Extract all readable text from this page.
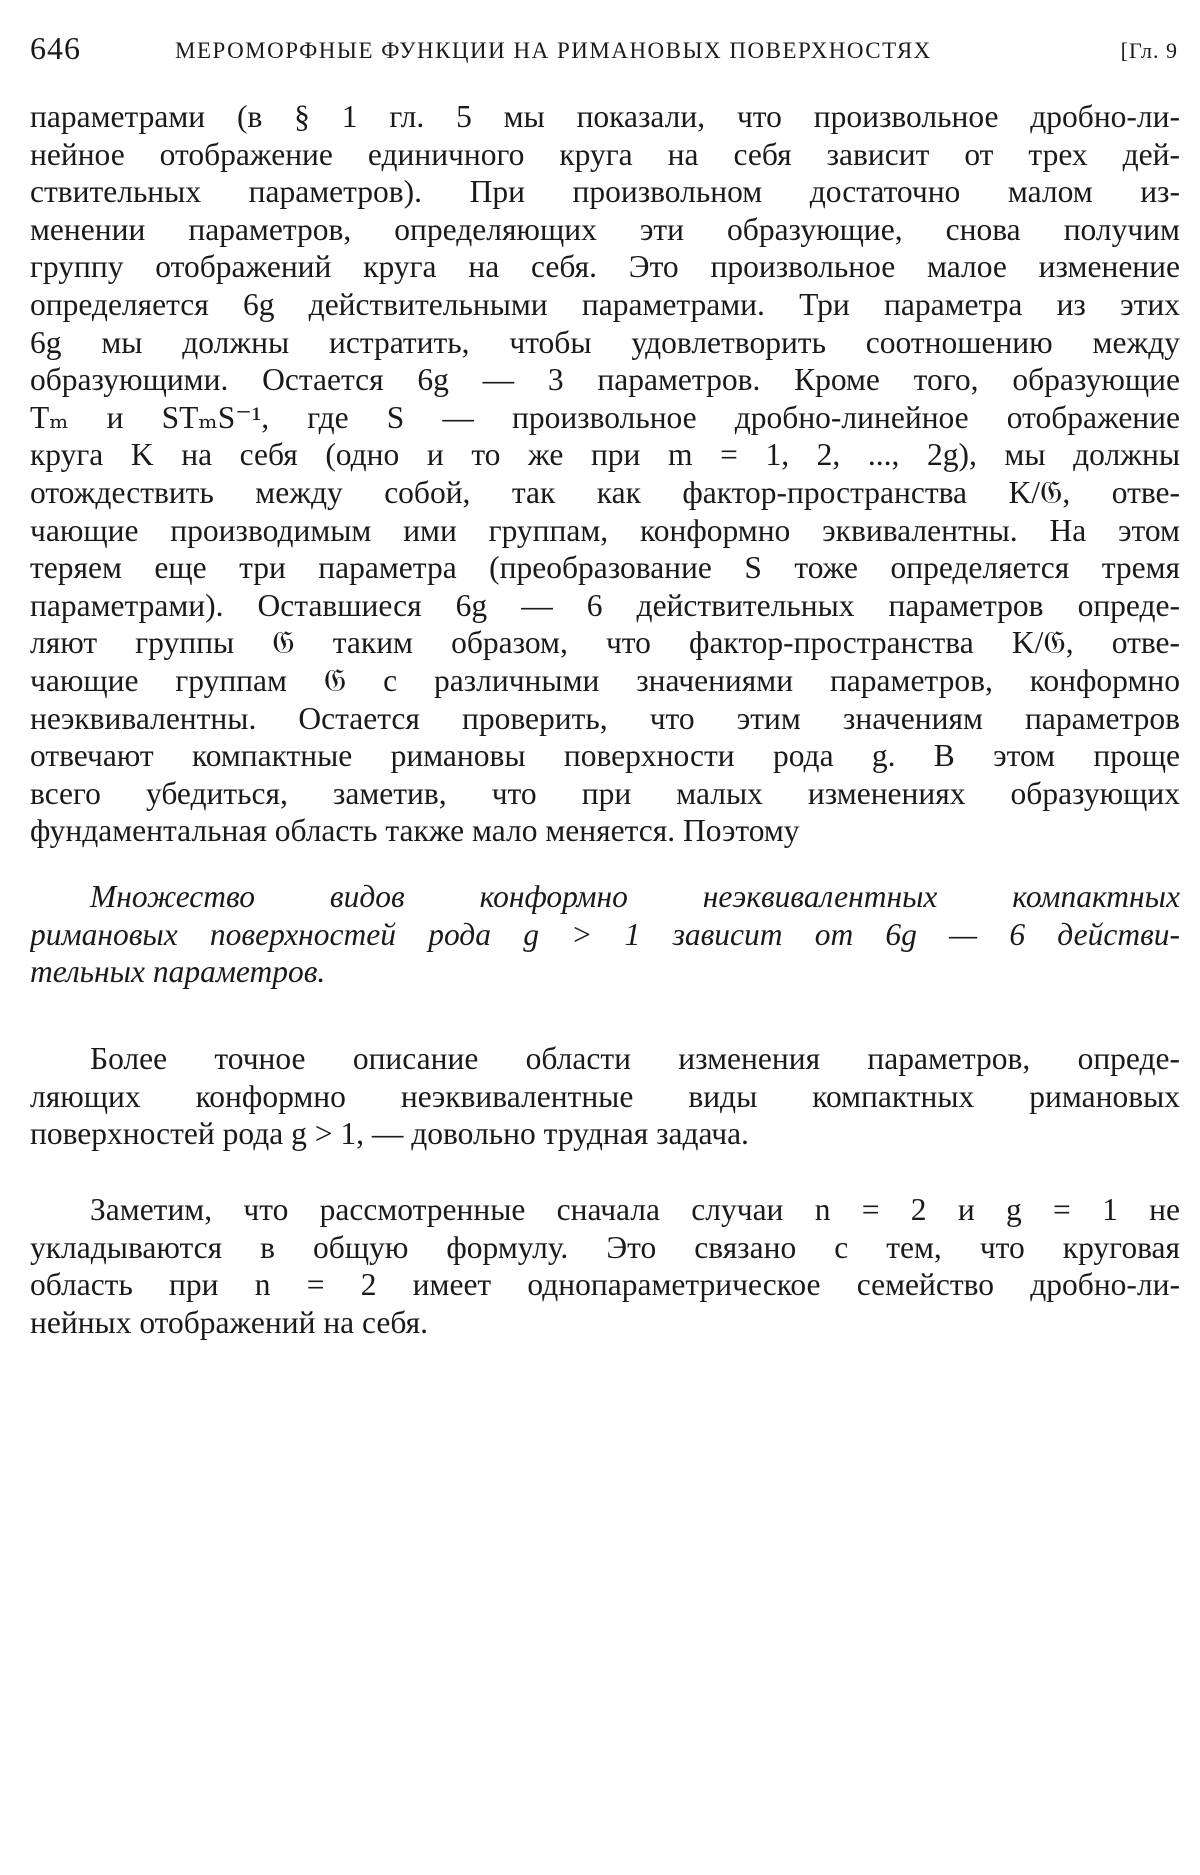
646	МЕРОМОРФНЫЕ ФУНКЦИИ НА РИМАНОВЫХ ПОВЕРХНОСТЯХ	[Гл. 9

параметрами (в § 1 гл. 5 мы показали, что произвольное дробно-ли-
нейное отображение единичного круга на себя зависит от трех дей-
ствительных параметров). При произвольном достаточно малом из-
менении параметров, определяющих эти образующие, снова получим
группу отображений круга на себя. Это произвольное малое изменение
определяется 6g действительными параметрами. Три параметра из этих
6g мы должны истратить, чтобы удовлетворить соотношению между
образующими. Остается 6g — 3 параметров. Кроме того, образующие
Tₘ и STₘS⁻¹, где S — произвольное дробно-линейное отображение
круга K на себя (одно и то же при m = 1, 2, ..., 2g), мы должны
отождествить между собой, так как фактор-пространства K/𝔊, отве-
чающие производимым ими группам, конформно эквивалентны. На этом
теряем еще три параметра (преобразование S тоже определяется тремя
параметрами). Оставшиеся 6g — 6 действительных параметров опреде-
ляют группы 𝔊 таким образом, что фактор-пространства K/𝔊, отве-
чающие группам 𝔊 с различными значениями параметров, конформно
неэквивалентны. Остается проверить, что этим значениям параметров
отвечают компактные римановы поверхности рода g. В этом проще
всего убедиться, заметив, что при малых изменениях образующих
фундаментальная область также мало меняется. Поэтому

Множество видов конформно неэквивалентных компактных
римановых поверхностей рода g > 1 зависит от 6g — 6 действи-
тельных параметров.

Более точное описание области изменения параметров, опреде-
ляющих конформно неэквивалентные виды компактных римановых
поверхностей рода g > 1, — довольно трудная задача.

Заметим, что рассмотренные сначала случаи n = 2 и g = 1 не
укладываются в общую формулу. Это связано с тем, что круговая
область при n = 2 имеет однопараметрическое семейство дробно-ли-
нейных отображений на себя.
